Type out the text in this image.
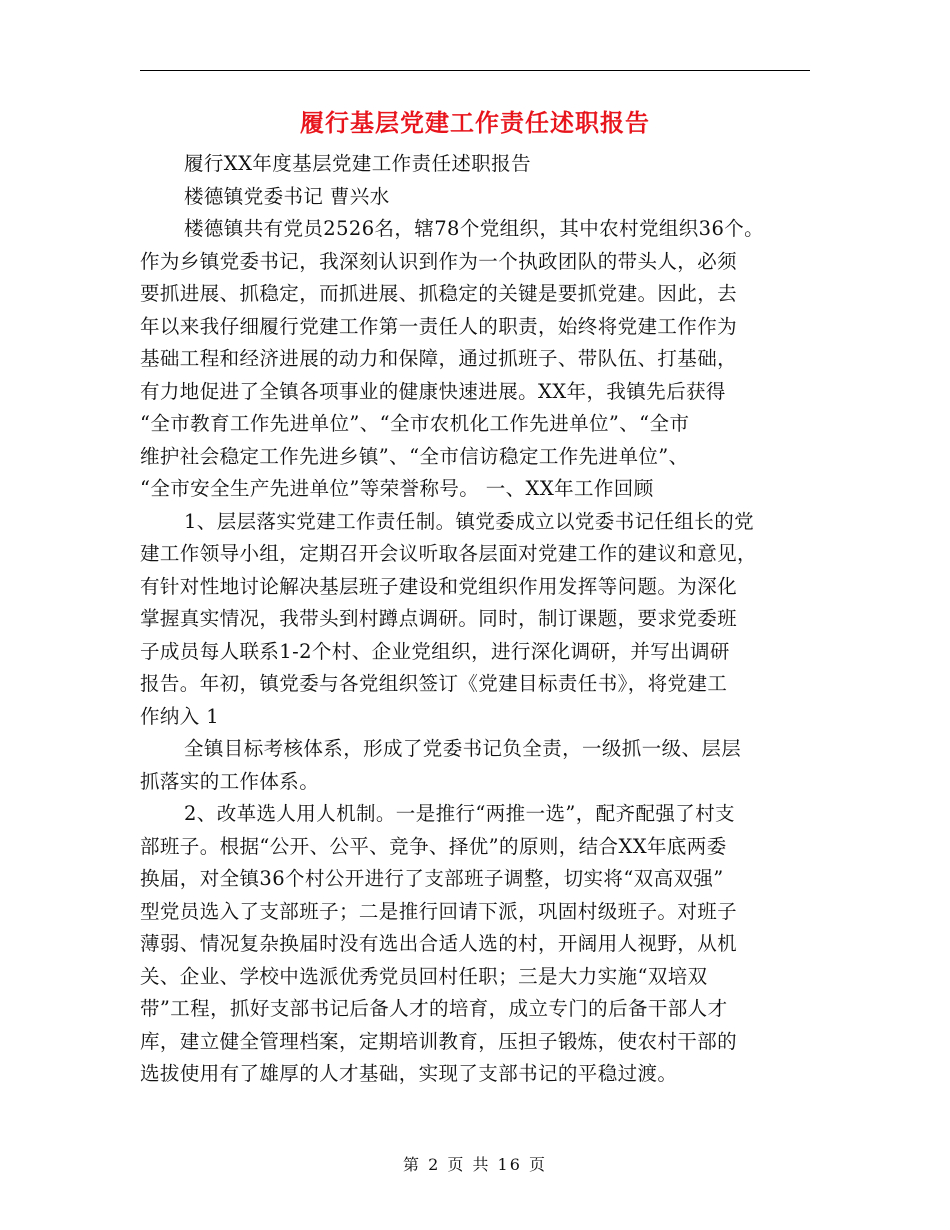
履行基层党建工作责任述职报告
履行XX年度基层党建工作责任述职报告
楼德镇党委书记 曹兴水
楼德镇共有党员2526名，辖78个党组织，其中农村党组织36个。
作为乡镇党委书记，我深刻认识到作为一个执政团队的带头人，必须
要抓进展、抓稳定，而抓进展、抓稳定的关键是要抓党建。因此，去
年以来我仔细履行党建工作第一责任人的职责，始终将党建工作作为
基础工程和经济进展的动力和保障，通过抓班子、带队伍、打基础，
有力地促进了全镇各项事业的健康快速进展。XX年，我镇先后获得
“全市教育工作先进单位”、“全市农机化工作先进单位”、“全市
维护社会稳定工作先进乡镇”、“全市信访稳定工作先进单位”、
“全市安全生产先进单位”等荣誉称号。 一、XX年工作回顾
1、层层落实党建工作责任制。镇党委成立以党委书记任组长的党
建工作领导小组，定期召开会议听取各层面对党建工作的建议和意见，
有针对性地讨论解决基层班子建设和党组织作用发挥等问题。为深化
掌握真实情况，我带头到村蹲点调研。同时，制订课题，要求党委班
子成员每人联系1-2个村、企业党组织，进行深化调研，并写出调研
报告。年初，镇党委与各党组织签订《党建目标责任书》，将党建工
作纳入 1
全镇目标考核体系，形成了党委书记负全责，一级抓一级、层层
抓落实的工作体系。
2、改革选人用人机制。一是推行“两推一选”，配齐配强了村支
部班子。根据“公开、公平、竞争、择优”的原则，结合XX年底两委
换届，对全镇36个村公开进行了支部班子调整，切实将“双高双强”
型党员选入了支部班子；二是推行回请下派，巩固村级班子。对班子
薄弱、情况复杂换届时没有选出合适人选的村，开阔用人视野，从机
关、企业、学校中选派优秀党员回村任职；三是大力实施“双培双
带”工程，抓好支部书记后备人才的培育，成立专门的后备干部人才
库，建立健全管理档案，定期培训教育，压担子锻炼，使农村干部的
选拔使用有了雄厚的人才基础，实现了支部书记的平稳过渡。
第 2 页 共 16 页
